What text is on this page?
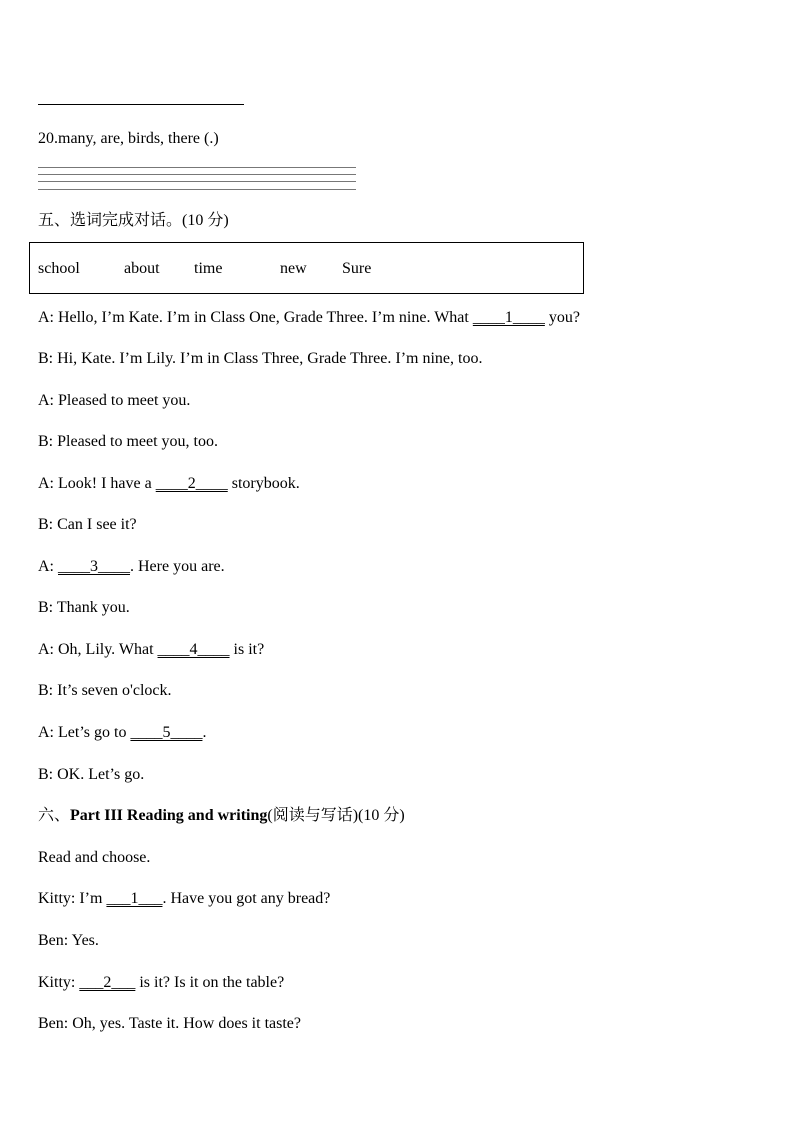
20.many, are, birds, there (.)
五、选词完成对话。(10 分)
school	about time	new Sure
A: Hello, I’m Kate. I’m in Class One, Grade Three. I’m nine. What ____1____ you?
B: Hi, Kate. I’m Lily. I’m in Class Three, Grade Three. I’m nine, too.
A: Pleased to meet you.
B: Pleased to meet you, too.
A: Look! I have a ____2____ storybook.
B: Can I see it?
A: ____3____. Here you are.
B: Thank you.
A: Oh, Lily. What ____4____ is it?
B: It’s seven o'clock.
A: Let’s go to ____5____.
B: OK. Let’s go.
六、Part III Reading and writing(阅读与写话)(10 分)
Read and choose.
Kitty: I’m ___1___. Have you got any bread?
Ben: Yes.
Kitty: ___2___ is it? Is it on the table?
Ben: Oh, yes. Taste it. How does it taste?
